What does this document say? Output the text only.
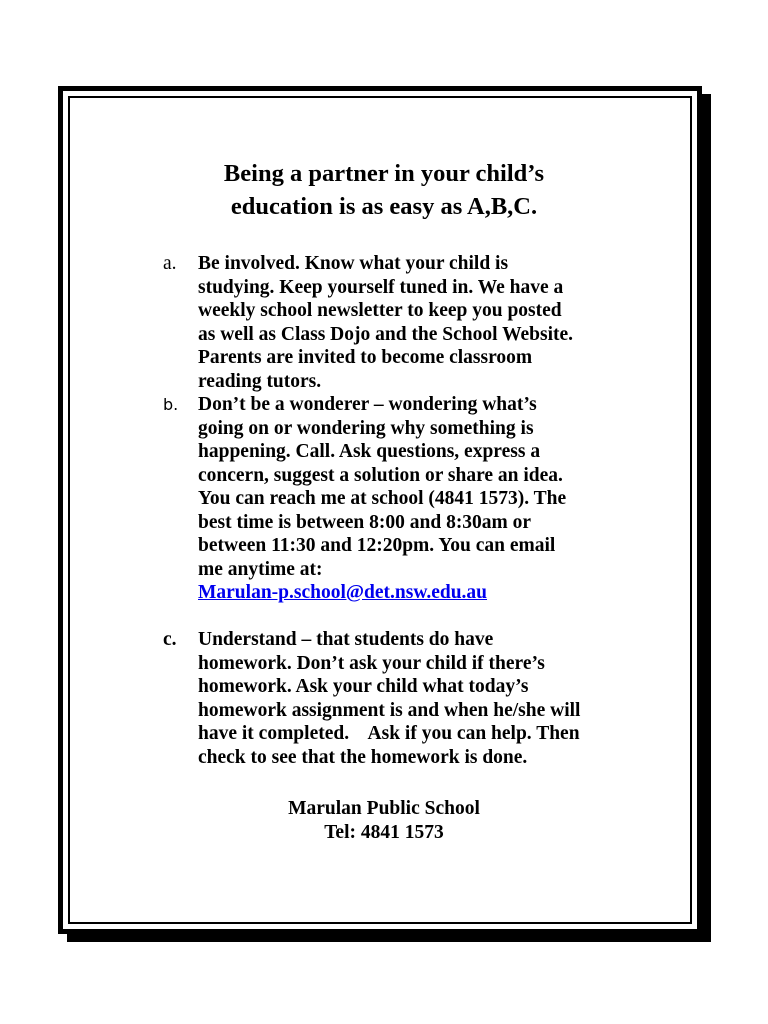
Being a partner in your child’s
education is as easy as A,B,C.
a. Be involved. Know what your child is
studying. Keep yourself tuned in. We have a
weekly school newsletter to keep you posted
as well as Class Dojo and the School Website.
Parents are invited to become classroom
reading tutors.
b. Don’t be a wonderer – wondering what’s
going on or wondering why something is
happening. Call. Ask questions, express a
concern, suggest a solution or share an idea.
You can reach me at school (4841 1573). The
best time is between 8:00 and 8:30am or
between 11:30 and 12:20pm. You can email
me anytime at:
Marulan-p.school@det.nsw.edu.au
c. Understand – that students do have
homework. Don’t ask your child if there’s
homework. Ask your child what today’s
homework assignment is and when he/she will
have it completed.    Ask if you can help. Then
check to see that the homework is done.
Marulan Public School
Tel: 4841 1573
